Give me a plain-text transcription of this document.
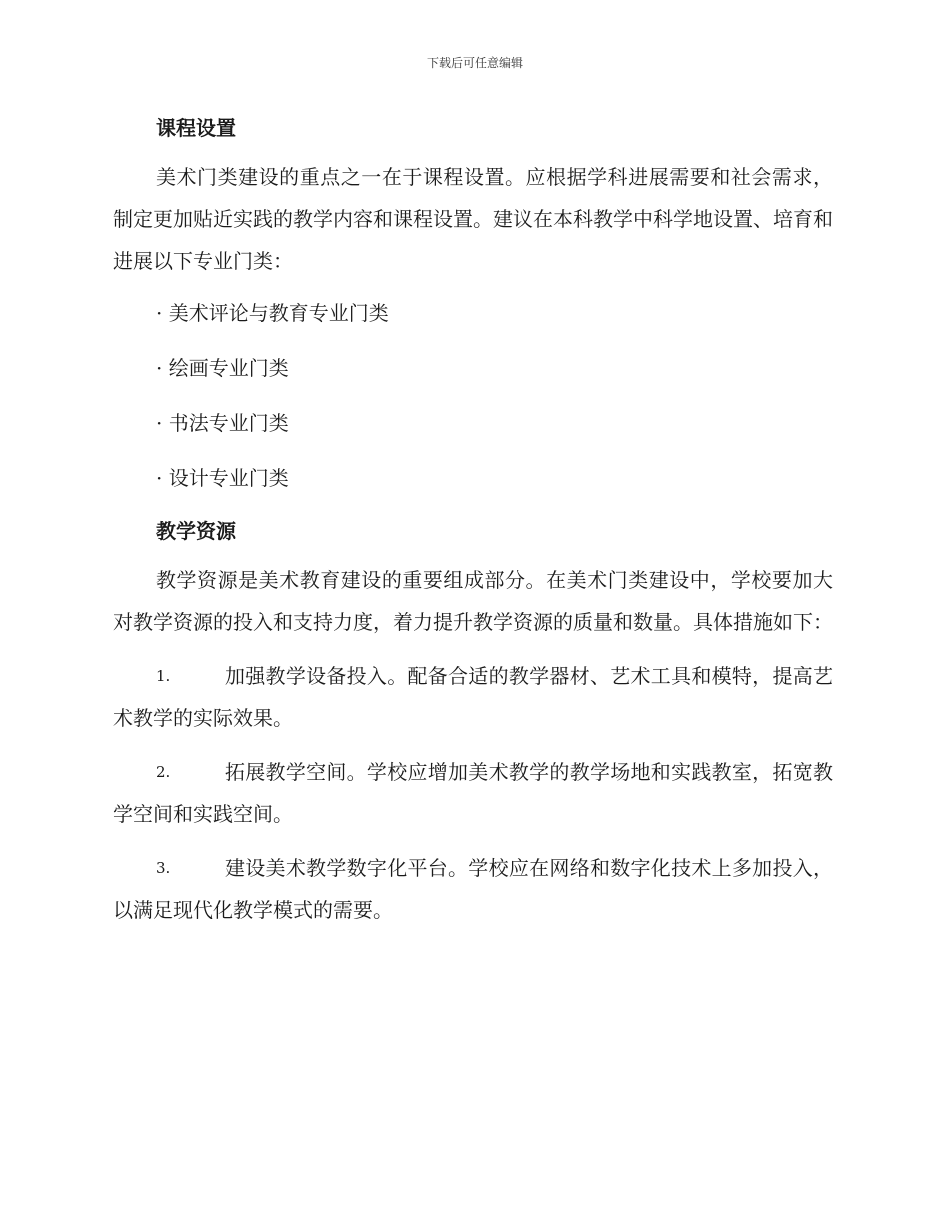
下载后可任意编辑
课程设置

美术门类建设的重点之一在于课程设置。应根据学科进展需要和社会需求，制定更加贴近实践的教学内容和课程设置。建议在本科教学中科学地设置、培育和进展以下专业门类：

· 美术评论与教育专业门类

· 绘画专业门类

· 书法专业门类

· 设计专业门类

教学资源

教学资源是美术教育建设的重要组成部分。在美术门类建设中，学校要加大对教学资源的投入和支持力度，着力提升教学资源的质量和数量。具体措施如下：

1.	加强教学设备投入。配备合适的教学器材、艺术工具和模特，提高艺术教学的实际效果。

2.	拓展教学空间。学校应增加美术教学的教学场地和实践教室，拓宽教学空间和实践空间。

3.	建设美术教学数字化平台。学校应在网络和数字化技术上多加投入，以满足现代化教学模式的需要。
